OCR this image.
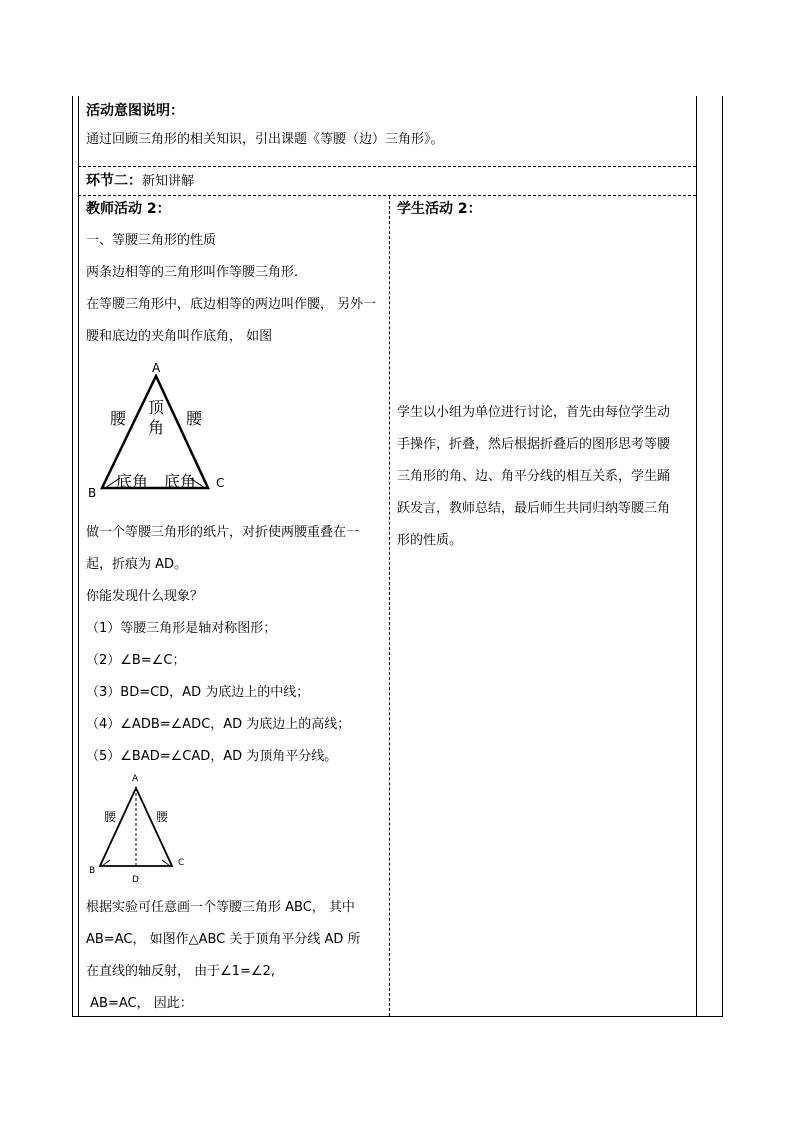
活动意图说明：
通过回顾三角形的相关知识，引出课题《等腰（边）三角形》。
环节二：新知讲解
教师活动 2：
一、等腰三角形的性质
两条边相等的三角形叫作等腰三角形.
在等腰三角形中，底边相等的两边叫作腰， 另外一
腰和底边的夹角叫作底角， 如图
A
B
C
腰	腰
顶
角
底角 底角
做一个等腰三角形的纸片，对折使两腰重叠在一
起，折痕为 AD。
你能发现什么现象？
（1）等腰三角形是轴对称图形；
（2）∠B=∠C；
（3）BD=CD，AD 为底边上的中线；
（4）∠ADB=∠ADC，AD 为底边上的高线；
（5）∠BAD=∠CAD，AD 为顶角平分线。
A
B
C
D
腰	腰
根据实验可任意画一个等腰三角形 ABC， 其中
AB=AC， 如图作△ABC 关于顶角平分线 AD 所
在直线的轴反射， 由于∠1=∠2,
AB=AC， 因此：
学生活动 2：
学生以小组为单位进行讨论，首先由每位学生动
手操作，折叠，然后根据折叠后的图形思考等腰
三角形的角、边、角平分线的相互关系，学生踊
跃发言，教师总结，最后师生共同归纳等腰三角
形的性质。
